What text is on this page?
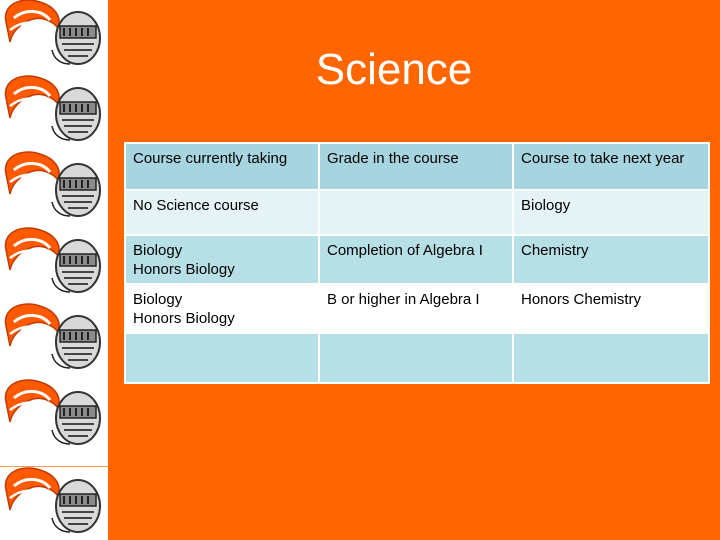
Science
Course currently taking	Grade in the course	Course to take next year

No Science course		Biology

Biology
Honors Biology	Completion of Algebra I	Chemistry

Biology
Honors Biology	B or higher in Algebra I	Honors Chemistry
